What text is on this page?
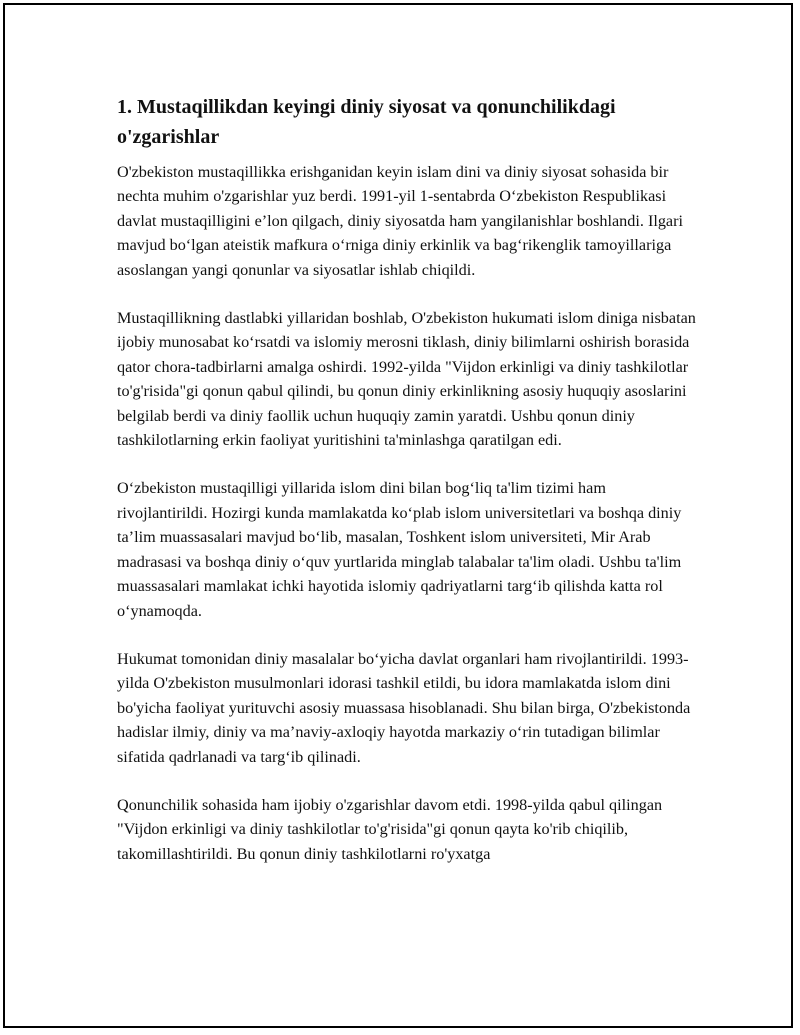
1. Mustaqillikdan keyingi diniy siyosat va qonunchilikdagi o'zgarishlar

O'zbekiston mustaqillikka erishganidan keyin islam dini va diniy siyosat sohasida bir nechta muhim o'zgarishlar yuz berdi. 1991-yil 1-sentabrda O‘zbekiston Respublikasi davlat mustaqilligini e’lon qilgach, diniy siyosatda ham yangilanishlar boshlandi. Ilgari mavjud bo‘lgan ateistik mafkura o‘rniga diniy erkinlik va bag‘rikenglik tamoyillariga asoslangan yangi qonunlar va siyosatlar ishlab chiqildi.

Mustaqillikning dastlabki yillaridan boshlab, O'zbekiston hukumati islom diniga nisbatan ijobiy munosabat ko‘rsatdi va islomiy merosni tiklash, diniy bilimlarni oshirish borasida qator chora-tadbirlarni amalga oshirdi. 1992-yilda "Vijdon erkinligi va diniy tashkilotlar to'g'risida"gi qonun qabul qilindi, bu qonun diniy erkinlikning asosiy huquqiy asoslarini belgilab berdi va diniy faollik uchun huquqiy zamin yaratdi. Ushbu qonun diniy tashkilotlarning erkin faoliyat yuritishini ta'minlashga qaratilgan edi.

O‘zbekiston mustaqilligi yillarida islom dini bilan bog‘liq ta'lim tizimi ham rivojlantirildi. Hozirgi kunda mamlakatda ko‘plab islom universitetlari va boshqa diniy ta’lim muassasalari mavjud bo‘lib, masalan, Toshkent islom universiteti, Mir Arab madrasasi va boshqa diniy o‘quv yurtlarida minglab talabalar ta'lim oladi. Ushbu ta'lim muassasalari mamlakat ichki hayotida islomiy qadriyatlarni targ‘ib qilishda katta rol o‘ynamoqda.

Hukumat tomonidan diniy masalalar bo‘yicha davlat organlari ham rivojlantirildi. 1993-yilda O'zbekiston musulmonlari idorasi tashkil etildi, bu idora mamlakatda islom dini bo'yicha faoliyat yurituvchi asosiy muassasa hisoblanadi. Shu bilan birga, O'zbekistonda hadislar ilmiy, diniy va ma’naviy-axloqiy hayotda markaziy o‘rin tutadigan bilimlar sifatida qadrlanadi va targ‘ib qilinadi.

Qonunchilik sohasida ham ijobiy o'zgarishlar davom etdi. 1998-yilda qabul qilingan "Vijdon erkinligi va diniy tashkilotlar to'g'risida"gi qonun qayta ko'rib chiqilib, takomillashtirildi. Bu qonun diniy tashkilotlarni ro'yxatga
